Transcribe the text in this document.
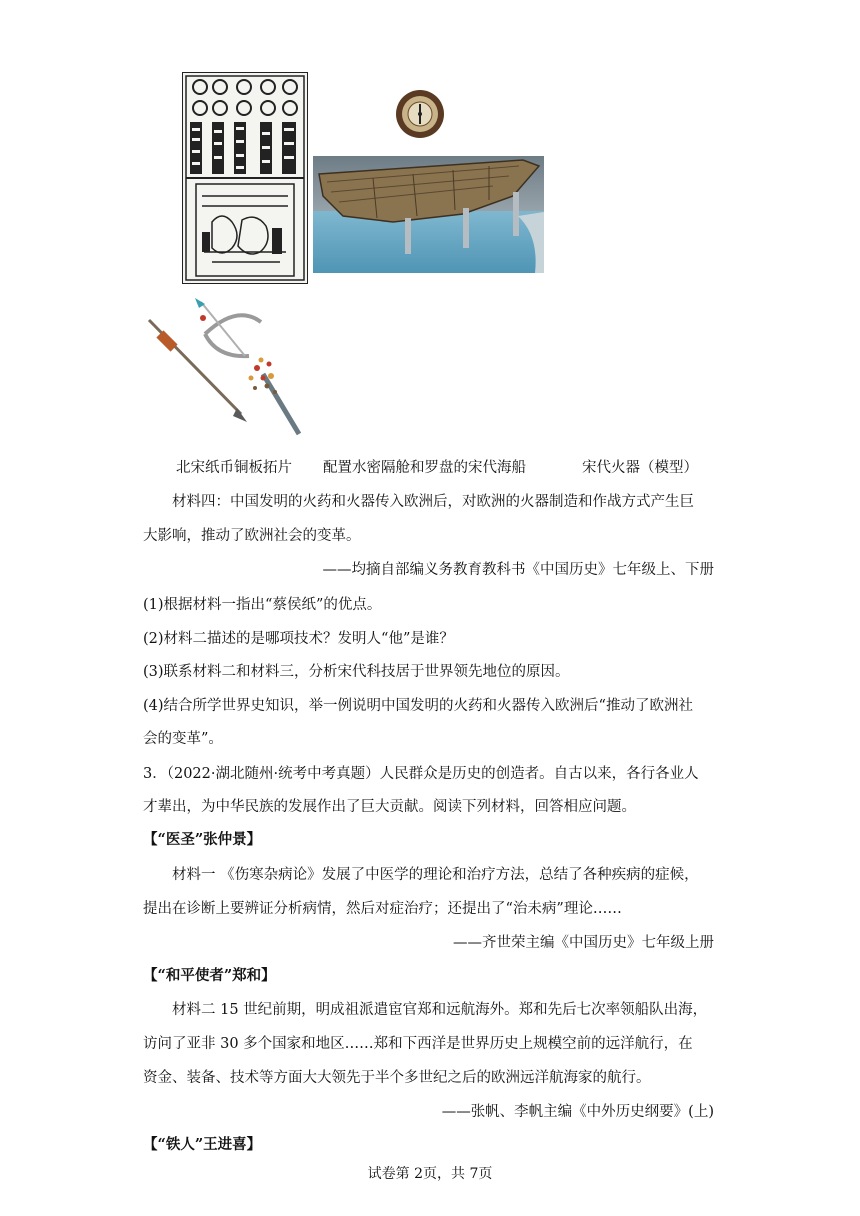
北宋纸币铜板拓片 配置水密隔舱和罗盘的宋代海船	宋代火器（模型）
材料四：中国发明的火药和火器传入欧洲后，对欧洲的火器制造和作战方式产生巨
大影响，推动了欧洲社会的变革。
——均摘自部编义务教育教科书《中国历史》七年级上、下册
(1)根据材料一指出“蔡侯纸”的优点。
(2)材料二描述的是哪项技术？发明人“他”是谁？
(3)联系材料二和材料三，分析宋代科技居于世界领先地位的原因。
(4)结合所学世界史知识，举一例说明中国发明的火药和火器传入欧洲后“推动了欧洲社
会的变革”。
3．（2022·湖北随州·统考中考真题）人民群众是历史的创造者。自古以来，各行各业人
才辈出，为中华民族的发展作出了巨大贡献。阅读下列材料，回答相应问题。
【“医圣”张仲景】
材料一 《伤寒杂病论》发展了中医学的理论和治疗方法，总结了各种疾病的症候，
提出在诊断上要辨证分析病情，然后对症治疗；还提出了“治未病”理论……
——齐世荣主编《中国历史》七年级上册
【“和平使者”郑和】
材料二 15 世纪前期，明成祖派遣宦官郑和远航海外。郑和先后七次率领船队出海，
访问了亚非 30 多个国家和地区……郑和下西洋是世界历史上规模空前的远洋航行，在
资金、装备、技术等方面大大领先于半个多世纪之后的欧洲远洋航海家的航行。
——张帆、李帆主编《中外历史纲要》(上)
【“铁人”王进喜】
试卷第 2页，共 7页
